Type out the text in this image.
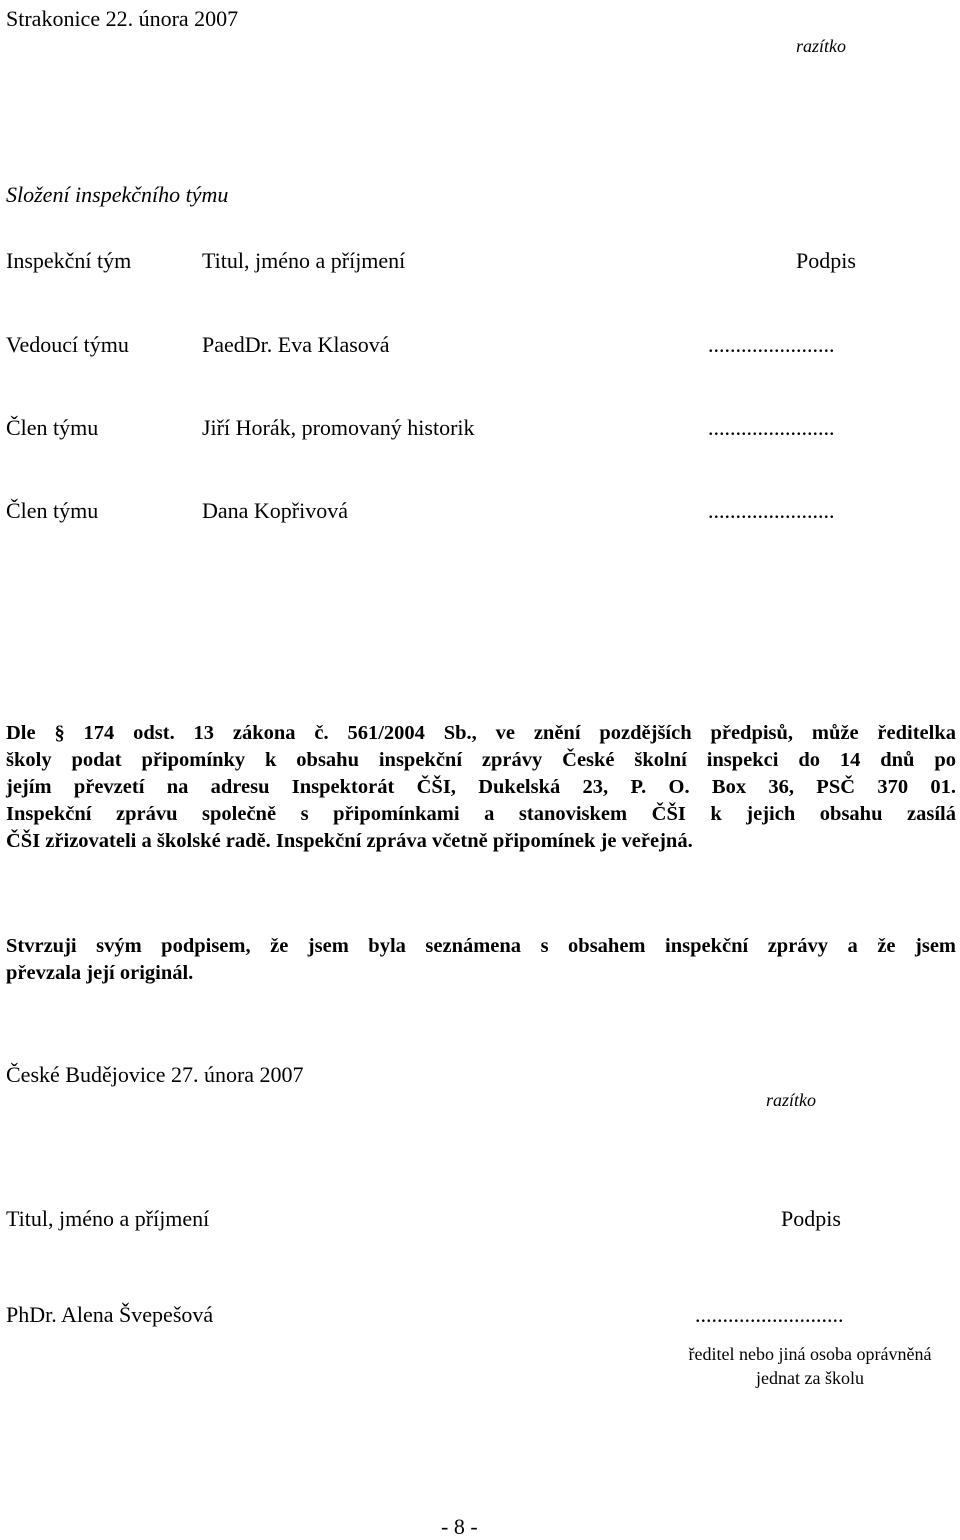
Strakonice 22. února 2007
razítko
Složení inspekčního týmu
Inspekční tým	Titul, jméno a příjmení	Podpis
Vedoucí týmu	PaedDr. Eva Klasová	.......................
Člen týmu	Jiří Horák, promovaný historik	.......................
Člen týmu	Dana Kopřivová	.......................
Dle § 174 odst. 13 zákona č. 561/2004 Sb., ve znění pozdějších předpisů, může ředitelka
školy podat připomínky k obsahu inspekční zprávy České školní inspekci do 14 dnů po
jejím převzetí na adresu Inspektorát ČŠI, Dukelská 23, P. O. Box 36, PSČ 370 01.
Inspekční zprávu společně s připomínkami a stanoviskem ČŠI k jejich obsahu zasílá
ČŠI zřizovateli a školské radě. Inspekční zpráva včetně připomínek je veřejná.
Stvrzuji svým podpisem, že jsem byla seznámena s obsahem inspekční zprávy a že jsem
převzala její originál.
České Budějovice 27. února 2007
razítko
Titul, jméno a příjmení	Podpis
PhDr. Alena Švepešová	...........................
ředitel nebo jiná osoba oprávněná
jednat za školu
- 8 -
